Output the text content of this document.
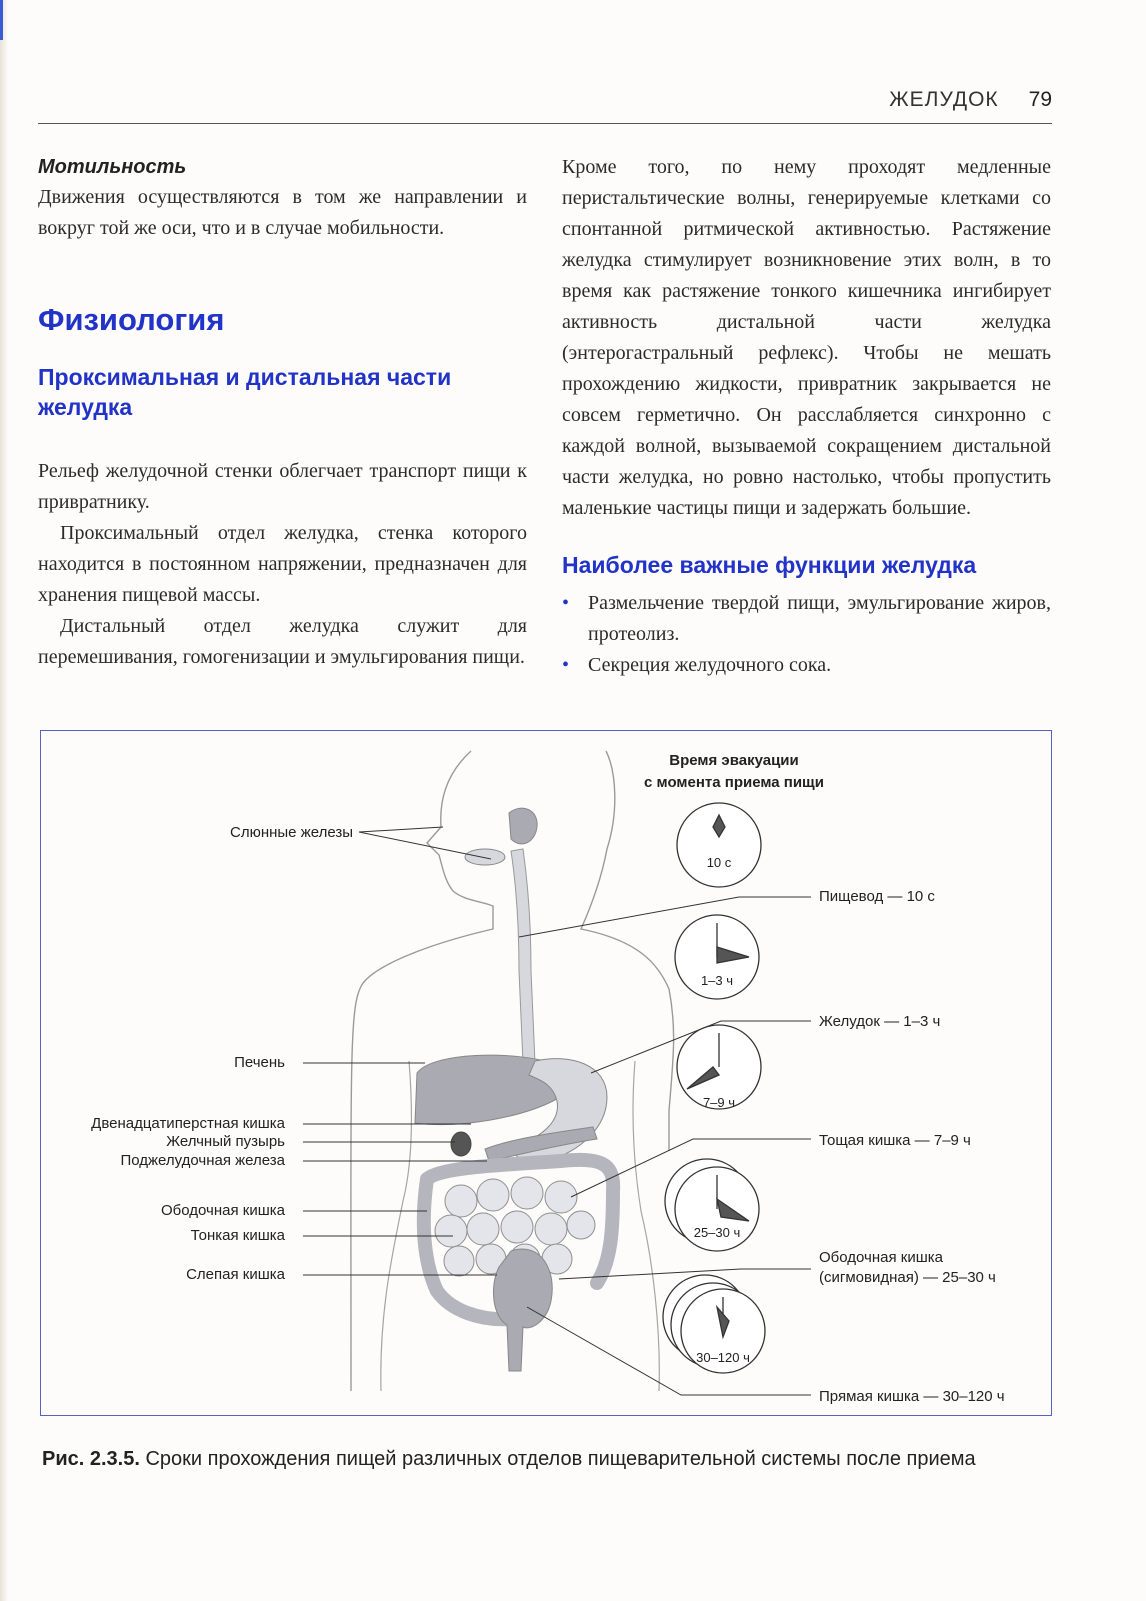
ЖЕЛУДОК 79
Мотильность

Движения осуществляются в том же направлении и вокруг той же оси, что и в случае мобильности.

Физиология
Проксимальная и дистальная части желудка

Рельеф желудочной стенки облегчает транспорт пищи к привратнику.

Проксимальный отдел желудка, стенка которого находится в постоянном напряжении, предназначен для хранения пищевой массы.

Дистальный отдел желудка служит для перемешивания, гомогенизации и эмульгирования пищи.

Кроме того, по нему проходят медленные перистальтические волны, генерируемые клетками со спонтанной ритмической активностью. Растяжение желудка стимулирует возникновение этих волн, в то время как растяжение тонкого кишечника ингибирует активность дистальной части желудка (энтерогастральный рефлекс). Чтобы не мешать прохождению жидкости, привратник закрывается не совсем герметично. Он расслабляется синхронно с каждой волной, вызываемой сокращением дистальной части желудка, но ровно настолько, чтобы пропустить маленькие частицы пищи и задержать большие.

Наиболее важные функции желудка
• Размельчение твердой пищи, эмульгирование жиров, протеолиз.
• Секреция желудочного сока.
Время эвакуации
с момента приема пищи
Слюнные железы
Печень
Двенадцатиперстная кишка
Желчный пузырь
Поджелудочная железа
Ободочная кишка
Тонкая кишка
Слепая кишка
10 с
1–3 ч
7–9 ч
25–30 ч
30–120 ч
Пищевод — 10 с
Желудок — 1–3 ч
Тощая кишка — 7–9 ч
Ободочная кишка
(сигмовидная) — 25–30 ч
Прямая кишка — 30–120 ч
Рис. 2.3.5. Сроки прохождения пищей различных отделов пищеварительной системы после приема
